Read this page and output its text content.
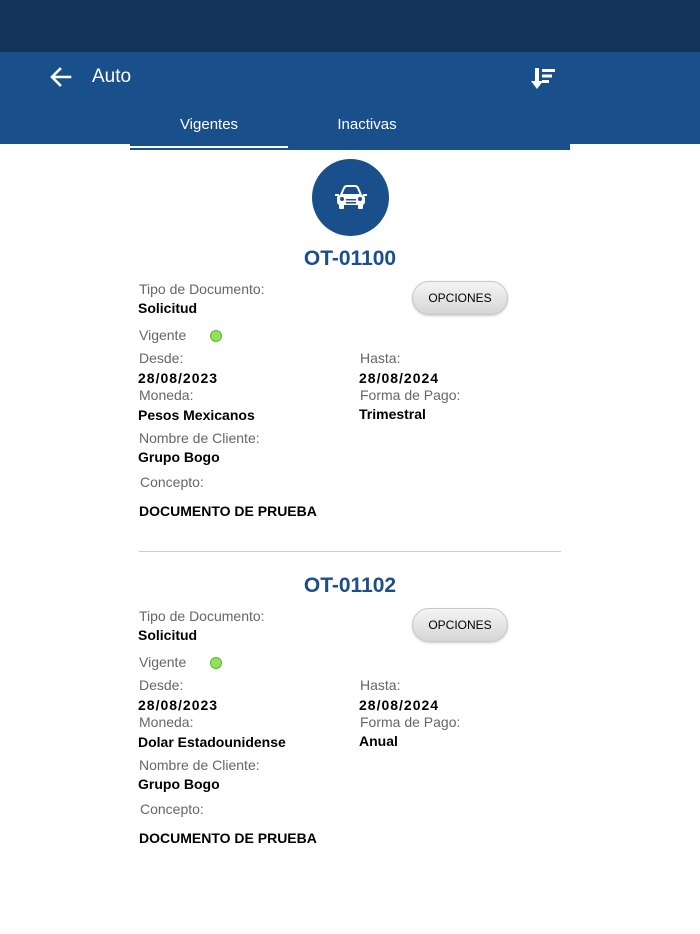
Auto
Vigentes	Inactivas
OT-01100
Tipo de Documento:
Solicitud
OPCIONES
Vigente
Desde:
28/08/2023
Hasta:
28/08/2024
Moneda:
Pesos Mexicanos
Forma de Pago:
Trimestral
Nombre de Cliente:
Grupo Bogo
Concepto:
DOCUMENTO DE PRUEBA
OT-01102
Tipo de Documento:
Solicitud
OPCIONES
Vigente
Desde:
28/08/2023
Hasta:
28/08/2024
Moneda:
Dolar Estadounidense
Forma de Pago:
Anual
Nombre de Cliente:
Grupo Bogo
Concepto:
DOCUMENTO DE PRUEBA
